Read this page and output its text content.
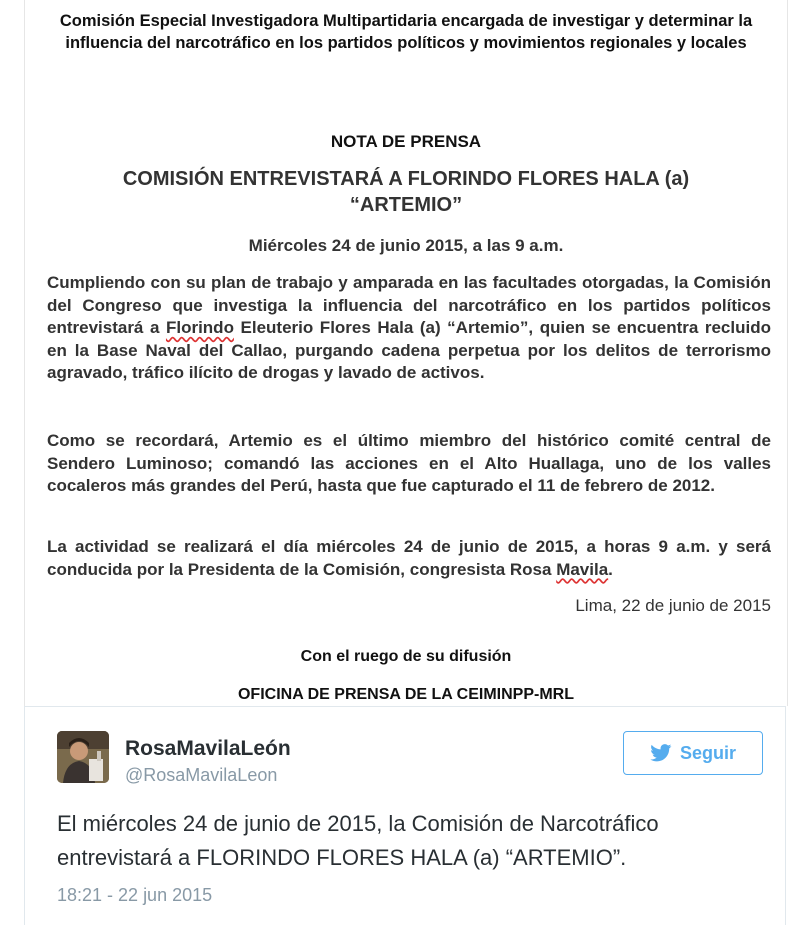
Comisión Especial Investigadora Multipartidaria encargada de investigar y determinar la influencia del narcotráfico en los partidos políticos y movimientos regionales y locales
NOTA DE PRENSA
COMISIÓN ENTREVISTARÁ A FLORINDO FLORES HALA (a) “ARTEMIO”
Miércoles 24 de junio 2015, a las 9 a.m.
Cumpliendo con su plan de trabajo y amparada en las facultades otorgadas, la Comisión del Congreso que investiga la influencia del narcotráfico en los partidos políticos entrevistará a Florindo Eleuterio Flores Hala (a) “Artemio”, quien se encuentra recluido en la Base Naval del Callao, purgando cadena perpetua por los delitos de terrorismo agravado, tráfico ilícito de drogas y lavado de activos.
Como se recordará, Artemio es el último miembro del histórico comité central de Sendero Luminoso; comandó las acciones en el Alto Huallaga, uno de los valles cocaleros más grandes del Perú, hasta que fue capturado el 11 de febrero de 2012.
La actividad se realizará el día miércoles 24 de junio de 2015, a horas 9 a.m. y será conducida por la Presidenta de la Comisión, congresista Rosa Mavila.
Lima, 22 de junio de 2015
Con el ruego de su difusión
OFICINA DE PRENSA DE LA CEIMINPP-MRL
RosaMavilaLeón
@RosaMavilaLeon
Seguir
El miércoles 24 de junio de 2015, la Comisión de Narcotráfico entrevistará a FLORINDO FLORES HALA (a) “ARTEMIO”.
18:21 - 22 jun 2015
